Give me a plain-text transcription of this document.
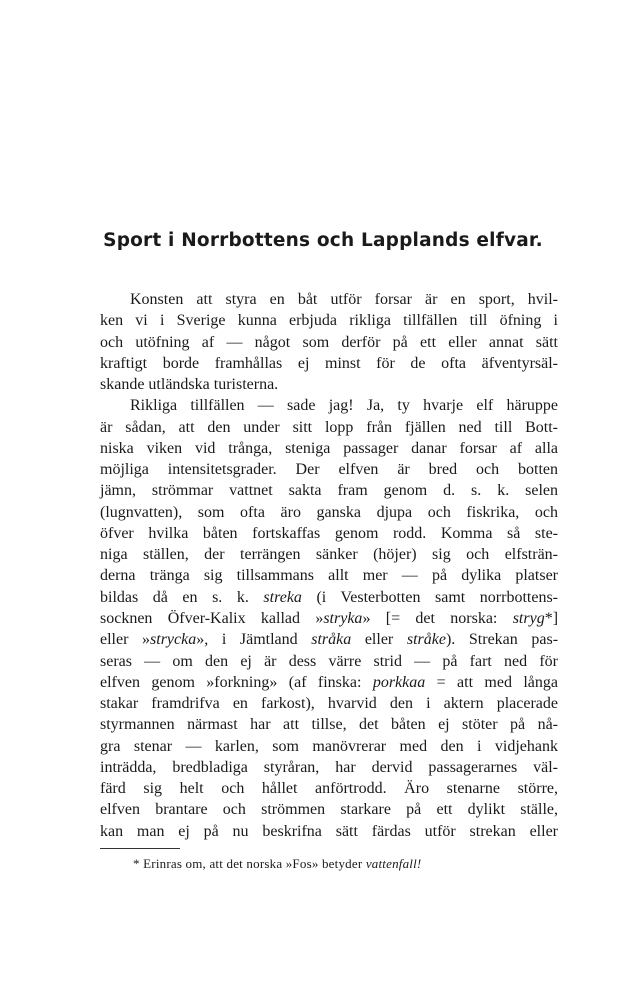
Sport i Norrbottens och Lapplands elfvar.
Konsten att styra en båt utför forsar är en sport, hvil-
ken vi i Sverige kunna erbjuda rikliga tillfällen till öfning i
och utöfning af — något som derför på ett eller annat sätt
kraftigt borde framhållas ej minst för de ofta äfventyrsäl-
skande utländska turisterna.
Rikliga tillfällen — sade jag! Ja, ty hvarje elf häruppe
är sådan, att den under sitt lopp från fjällen ned till Bott-
niska viken vid trånga, steniga passager danar forsar af alla
möjliga intensitetsgrader. Der elfven är bred och botten
jämn, strömmar vattnet sakta fram genom d. s. k. selen
(lugnvatten), som ofta äro ganska djupa och fiskrika, och
öfver hvilka båten fortskaffas genom rodd. Komma så ste-
niga ställen, der terrängen sänker (höjer) sig och elfsträn-
derna tränga sig tillsammans allt mer — på dylika platser
bildas då en s. k. streka (i Vesterbotten samt norrbottens-
socknen Öfver-Kalix kallad »stryka» [= det norska: stryg*]
eller »strycka», i Jämtland stråka eller stråke). Strekan pas-
seras — om den ej är dess värre strid — på fart ned för
elfven genom »forkning» (af finska: porkkaa = att med långa
stakar framdrifva en farkost), hvarvid den i aktern placerade
styrmannen närmast har att tillse, det båten ej stöter på nå-
gra stenar — karlen, som manövrerar med den i vidjehank
inträdda, bredbladiga styråran, har dervid passagerarnes väl-
färd sig helt och hållet anförtrodd. Äro stenarne större,
elfven brantare och strömmen starkare på ett dylikt ställe,
kan man ej på nu beskrifna sätt färdas utför strekan eller
* Erinras om, att det norska »Fos» betyder vattenfall!
